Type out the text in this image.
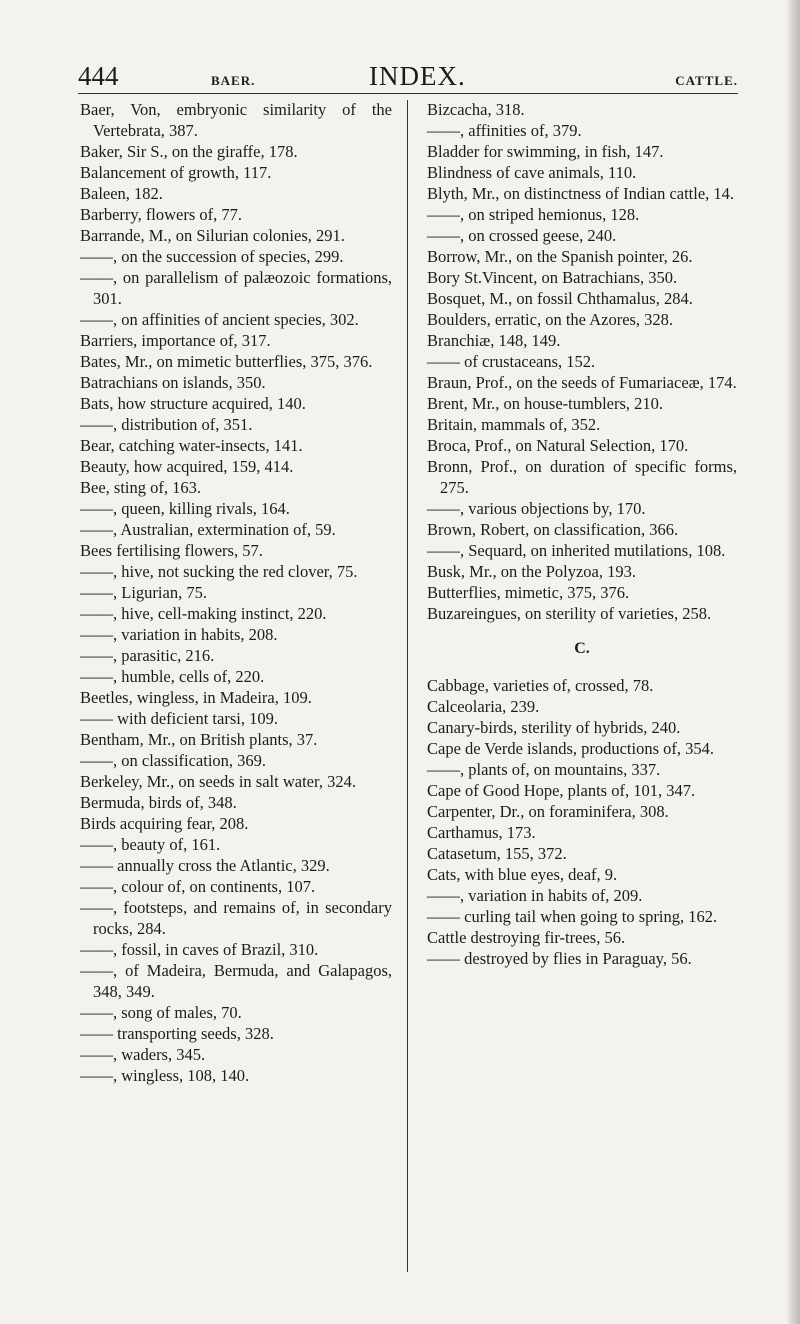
444	BAER.	INDEX.	CATTLE.
Baer, Von, embryonic similarity of the Vertebrata, 387.
Baker, Sir S., on the giraffe, 178.
Balancement of growth, 117.
Baleen, 182.
Barberry, flowers of, 77.
Barrande, M., on Silurian colonies, 291.
——, on the succession of species, 299.
——, on parallelism of palæozoic formations, 301.
——, on affinities of ancient species, 302.
Barriers, importance of, 317.
Bates, Mr., on mimetic butterflies, 375, 376.
Batrachians on islands, 350.
Bats, how structure acquired, 140.
——, distribution of, 351.
Bear, catching water-insects, 141.
Beauty, how acquired, 159, 414.
Bee, sting of, 163.
——, queen, killing rivals, 164.
——, Australian, extermination of, 59.
Bees fertilising flowers, 57.
——, hive, not sucking the red clover, 75.
——, Ligurian, 75.
——, hive, cell-making instinct, 220.
——, variation in habits, 208.
——, parasitic, 216.
——, humble, cells of, 220.
Beetles, wingless, in Madeira, 109.
—— with deficient tarsi, 109.
Bentham, Mr., on British plants, 37.
——, on classification, 369.
Berkeley, Mr., on seeds in salt water, 324.
Bermuda, birds of, 348.
Birds acquiring fear, 208.
——, beauty of, 161.
—— annually cross the Atlantic, 329.
——, colour of, on continents, 107.
——, footsteps, and remains of, in secondary rocks, 284.
——, fossil, in caves of Brazil, 310.
——, of Madeira, Bermuda, and Galapagos, 348, 349.
——, song of males, 70.
—— transporting seeds, 328.
——, waders, 345.
——, wingless, 108, 140.
Bizcacha, 318.
——, affinities of, 379.
Bladder for swimming, in fish, 147.
Blindness of cave animals, 110.
Blyth, Mr., on distinctness of Indian cattle, 14.
——, on striped hemionus, 128.
——, on crossed geese, 240.
Borrow, Mr., on the Spanish pointer, 26.
Bory St.Vincent, on Batrachians, 350.
Bosquet, M., on fossil Chthamalus, 284.
Boulders, erratic, on the Azores, 328.
Branchiæ, 148, 149.
—— of crustaceans, 152.
Braun, Prof., on the seeds of Fumariaceæ, 174.
Brent, Mr., on house-tumblers, 210.
Britain, mammals of, 352.
Broca, Prof., on Natural Selection, 170.
Bronn, Prof., on duration of specific forms, 275.
——, various objections by, 170.
Brown, Robert, on classification, 366.
——, Sequard, on inherited mutilations, 108.
Busk, Mr., on the Polyzoa, 193.
Butterflies, mimetic, 375, 376.
Buzareingues, on sterility of varieties, 258.
C.
Cabbage, varieties of, crossed, 78.
Calceolaria, 239.
Canary-birds, sterility of hybrids, 240.
Cape de Verde islands, productions of, 354.
——, plants of, on mountains, 337.
Cape of Good Hope, plants of, 101, 347.
Carpenter, Dr., on foraminifera, 308.
Carthamus, 173.
Catasetum, 155, 372.
Cats, with blue eyes, deaf, 9.
——, variation in habits of, 209.
—— curling tail when going to spring, 162.
Cattle destroying fir-trees, 56.
—— destroyed by flies in Paraguay, 56.
